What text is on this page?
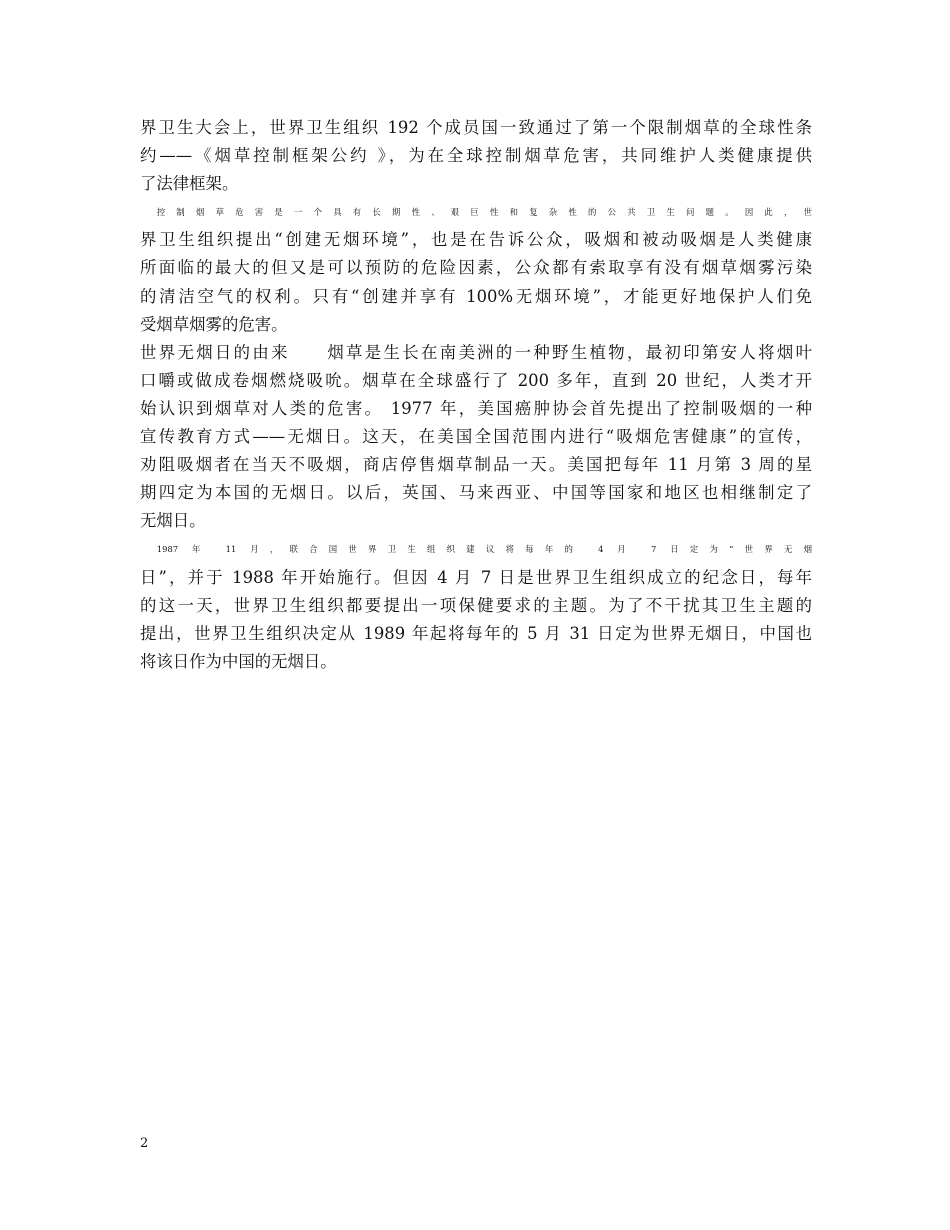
界卫生大会上，世界卫生组织 192 个成员国一致通过了第一个限制烟草的全球性条
约——《烟草控制框架公约 》，为在全球控制烟草危害，共同维护人类健康提供
了法律框架。
控制烟草危害是一个具有长期性、艰巨性和复杂性的公共卫生问题。因此，世
界卫生组织提出“创建无烟环境”，也是在告诉公众，吸烟和被动吸烟是人类健康
所面临的最大的但又是可以预防的危险因素，公众都有索取享有没有烟草烟雾污染
的清洁空气的权利。只有“创建并享有 100%无烟环境”，才能更好地保护人们免
受烟草烟雾的危害。
世界无烟日的由来　　烟草是生长在南美洲的一种野生植物，最初印第安人将烟叶
口嚼或做成卷烟燃烧吸吮。烟草在全球盛行了 200 多年，直到 20 世纪，人类才开
始认识到烟草对人类的危害。 1977 年，美国癌肿协会首先提出了控制吸烟的一种
宣传教育方式——无烟日。这天，在美国全国范围内进行“吸烟危害健康”的宣传，
劝阻吸烟者在当天不吸烟，商店停售烟草制品一天。美国把每年 11 月第 3 周的星
期四定为本国的无烟日。以后，英国、马来西亚、中国等国家和地区也相继制定了
无烟日。
1987 年 11 月，联合国世界卫生组织建议将每年的 4 月 7 日定为“世界无烟
日”，并于 1988 年开始施行。但因 4 月 7 日是世界卫生组织成立的纪念日，每年
的这一天，世界卫生组织都要提出一项保健要求的主题。为了不干扰其卫生主题的
提出，世界卫生组织决定从 1989 年起将每年的 5 月 31 日定为世界无烟日，中国也
将该日作为中国的无烟日。
2
